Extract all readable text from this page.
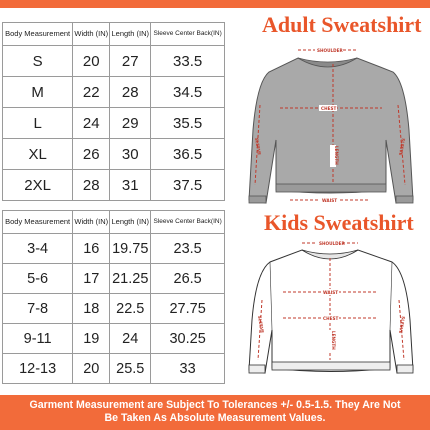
Body Measurement	Width (IN)	Length (IN)	Sleeve Center Back(IN)
S	20	27	33.5
M	22	28	34.5
L	24	29	35.5
XL	26	30	36.5
2XL	28	31	37.5
Body Measurement	Width (IN)	Length (IN)	Sleeve Center Back(IN)
3-4	16	19.75	23.5
5-6	17	21.25	26.5
7-8	18	22.5	27.75
9-11	19	24	30.25
12-13	20	25.5	33
Adult Sweatshirt
Kids Sweatshirt
SHOULDER
CHEST
LENGTH
WAIST
SLEEVE	SLEEVE
SHOULDER
WAIST
CHEST
LENGTH
SLEEVE	SLEEVE
Garment Measurement are Subject To Tolerances +/- 0.5-1.5. They Are Not
Be Taken As Absolute Measurement Values.
